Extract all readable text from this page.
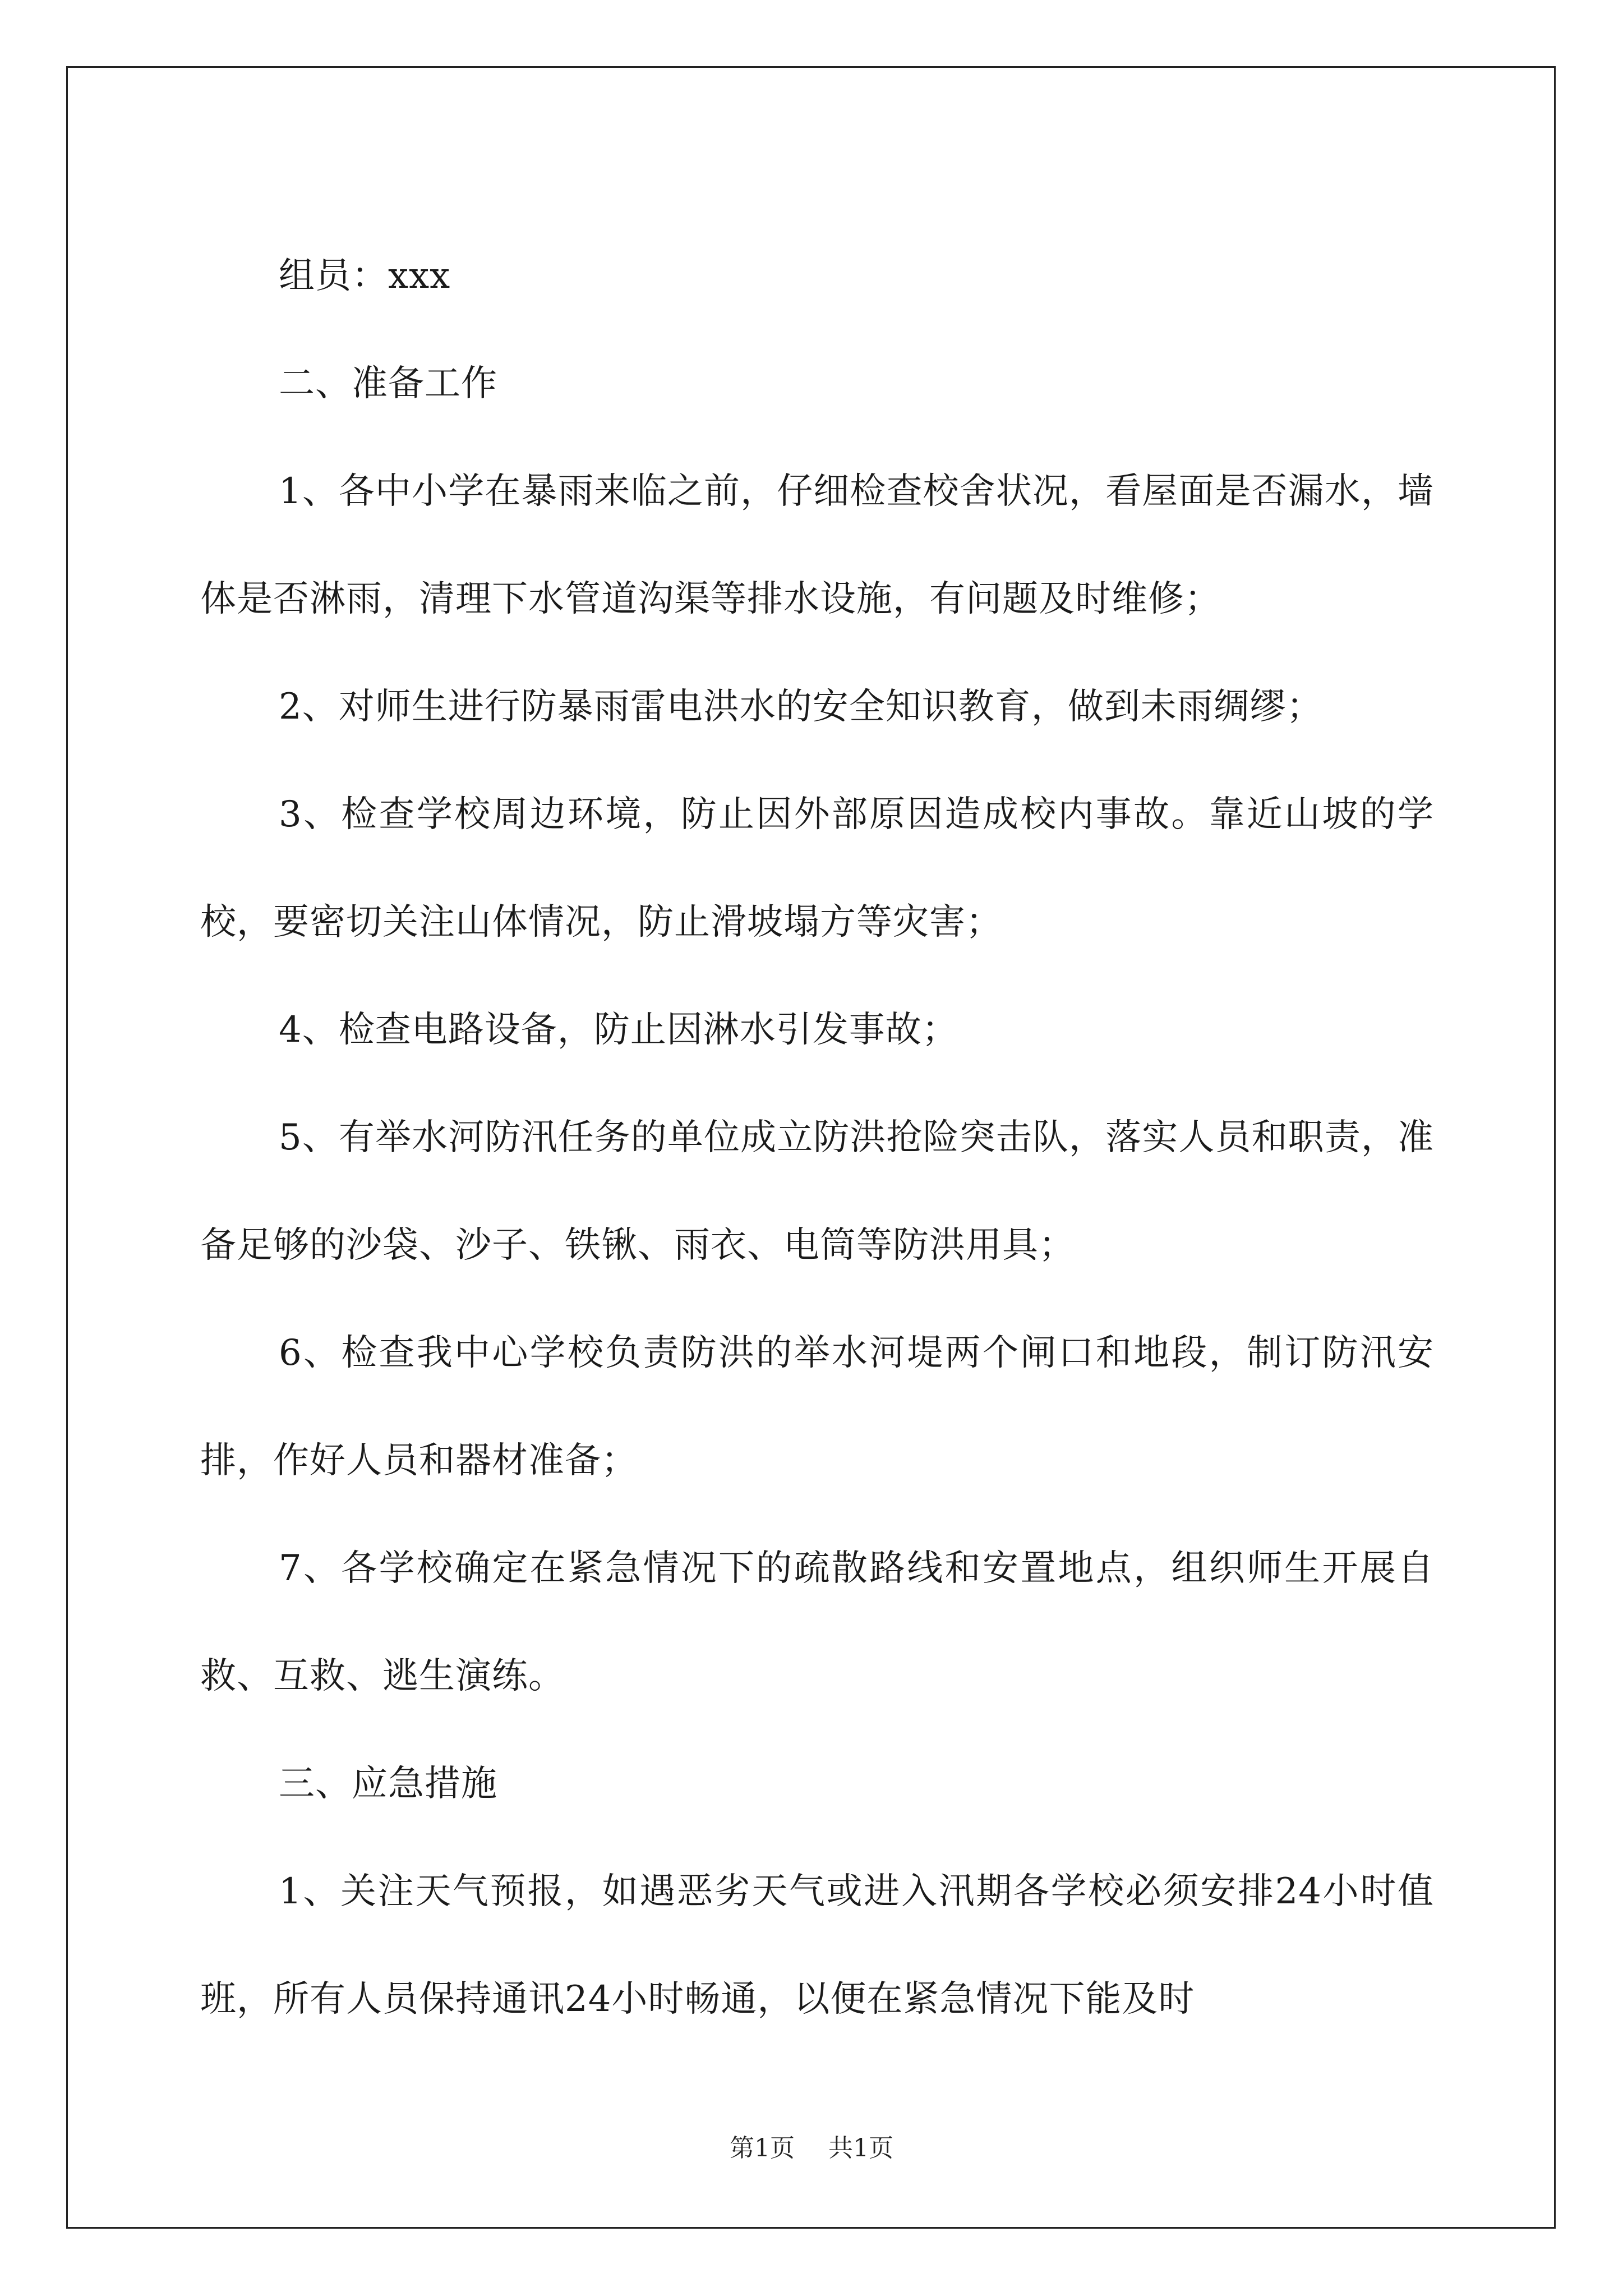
组员：xxx

二、准备工作

1、各中小学在暴雨来临之前，仔细检查校舍状况，看屋面是否漏水，墙体是否淋雨，清理下水管道沟渠等排水设施，有问题及时维修；

2、对师生进行防暴雨雷电洪水的安全知识教育，做到未雨绸缪；

3、检查学校周边环境，防止因外部原因造成校内事故。靠近山坡的学校，要密切关注山体情况，防止滑坡塌方等灾害；

4、检查电路设备，防止因淋水引发事故；

5、有举水河防汛任务的单位成立防洪抢险突击队，落实人员和职责，准备足够的沙袋、沙子、铁锹、雨衣、电筒等防洪用具；

6、检查我中心学校负责防洪的举水河堤两个闸口和地段，制订防汛安排，作好人员和器材准备；

7、各学校确定在紧急情况下的疏散路线和安置地点，组织师生开展自救、互救、逃生演练。

三、应急措施

1、关注天气预报，如遇恶劣天气或进入汛期各学校必须安排24小时值班，所有人员保持通讯24小时畅通，以便在紧急情况下能及时

第1页 共1页
